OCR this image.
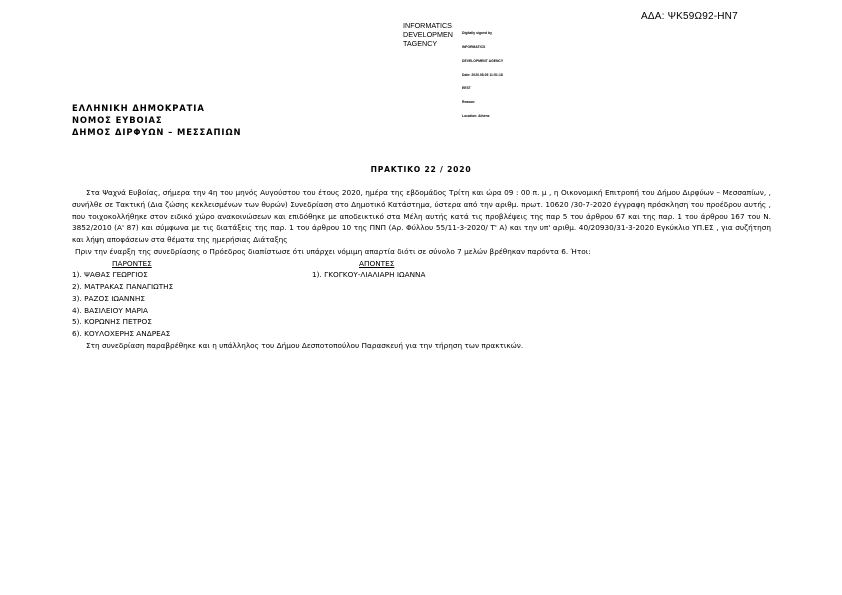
ΑΔΑ: ΨΚ59Ω92-ΗΝ7
INFORMATICS
DEVELOPMEN
TAGENCY

Digitally signed by

INFORMATICS

DEVELOPMENT AGENCY

Date: 2020.08.05 11:51:18

EEST

Reason:

Location: Athens

ΕΛΛΗΝΙΚΗ ΔΗΜΟΚΡΑΤΙΑ
ΝΟΜΟΣ ΕΥΒΟΙΑΣ
ΔΗΜΟΣ ΔΙΡΦΥΩΝ – ΜΕΣΣΑΠΙΩΝ
ΠΡΑΚΤΙΚΟ 22 / 2020

Στα Ψαχνά Ευβοίας, σήμερα την 4η του μηνός Αυγούστου του έτους 2020, ημέρα της εβδομάδος Τρίτη και ώρα 09 : 00 π. μ , η Οικονομική Επιτροπή του Δήμου Διρφύων – Μεσσαπίων, , συνήλθε σε Τακτική (Δια ζώσης κεκλεισμένων των θυρών) Συνεδρίαση στο Δημοτικό Κατάστημα, ύστερα από την αριθμ. πρωτ. 10620 /30-7-2020 έγγραφη πρόσκληση του προέδρου αυτής , που τοιχοκολλήθηκε στον ειδικό χώρο ανακοινώσεων και επιδόθηκε με αποδεικτικό στα Μέλη αυτής κατά τις προβλέψεις της παρ 5 του άρθρου 67 και της παρ. 1 του άρθρου 167 του Ν. 3852/2010 (Α' 87) και σύμφωνα με τις διατάξεις της παρ. 1 του άρθρου 10 της ΠΝΠ (Αρ. Φύλλου 55/11-3-2020/ Τ' Α) και την υπ' αριθμ. 40/20930/31-3-2020 Εγκύκλιο ΥΠ.ΕΣ , για συζήτηση και λήψη αποφάσεων στα θέματα της ημερήσιας Διάταξης

Πριν την έναρξη της συνεδρίασης ο Πρόεδρος διαπίστωσε ότι υπάρχει νόμιμη απαρτία διότι σε σύνολο 7 μελών βρέθηκαν παρόντα 6. Ήτοι:

ΠΑΡΟΝΤΕΣ
1). ΨΑΘΑΣ ΓΕΩΡΓΙΟΣ
2). ΜΑΤΡΑΚΑΣ ΠΑΝΑΓΙΩΤΗΣ
3). ΡΑΖΟΣ ΙΩΑΝΝΗΣ
4). ΒΑΣΙΛΕΙΟΥ ΜΑΡΙΑ
5). ΚΟΡΩΝΗΣ ΠΕΤΡΟΣ
6). ΚΟΥΛΟΧΕΡΗΣ ΑΝΔΡΕΑΣ
ΑΠΟΝΤΕΣ
1). ΓΚΟΓΚΟΥ-ΛΙΑΛΙΑΡΗ ΙΩΑΝΝΑ

Στη συνεδρίαση παραβρέθηκε και η υπάλληλος του Δήμου Δεσποτοπούλου Παρασκευή για την τήρηση των πρακτικών.
